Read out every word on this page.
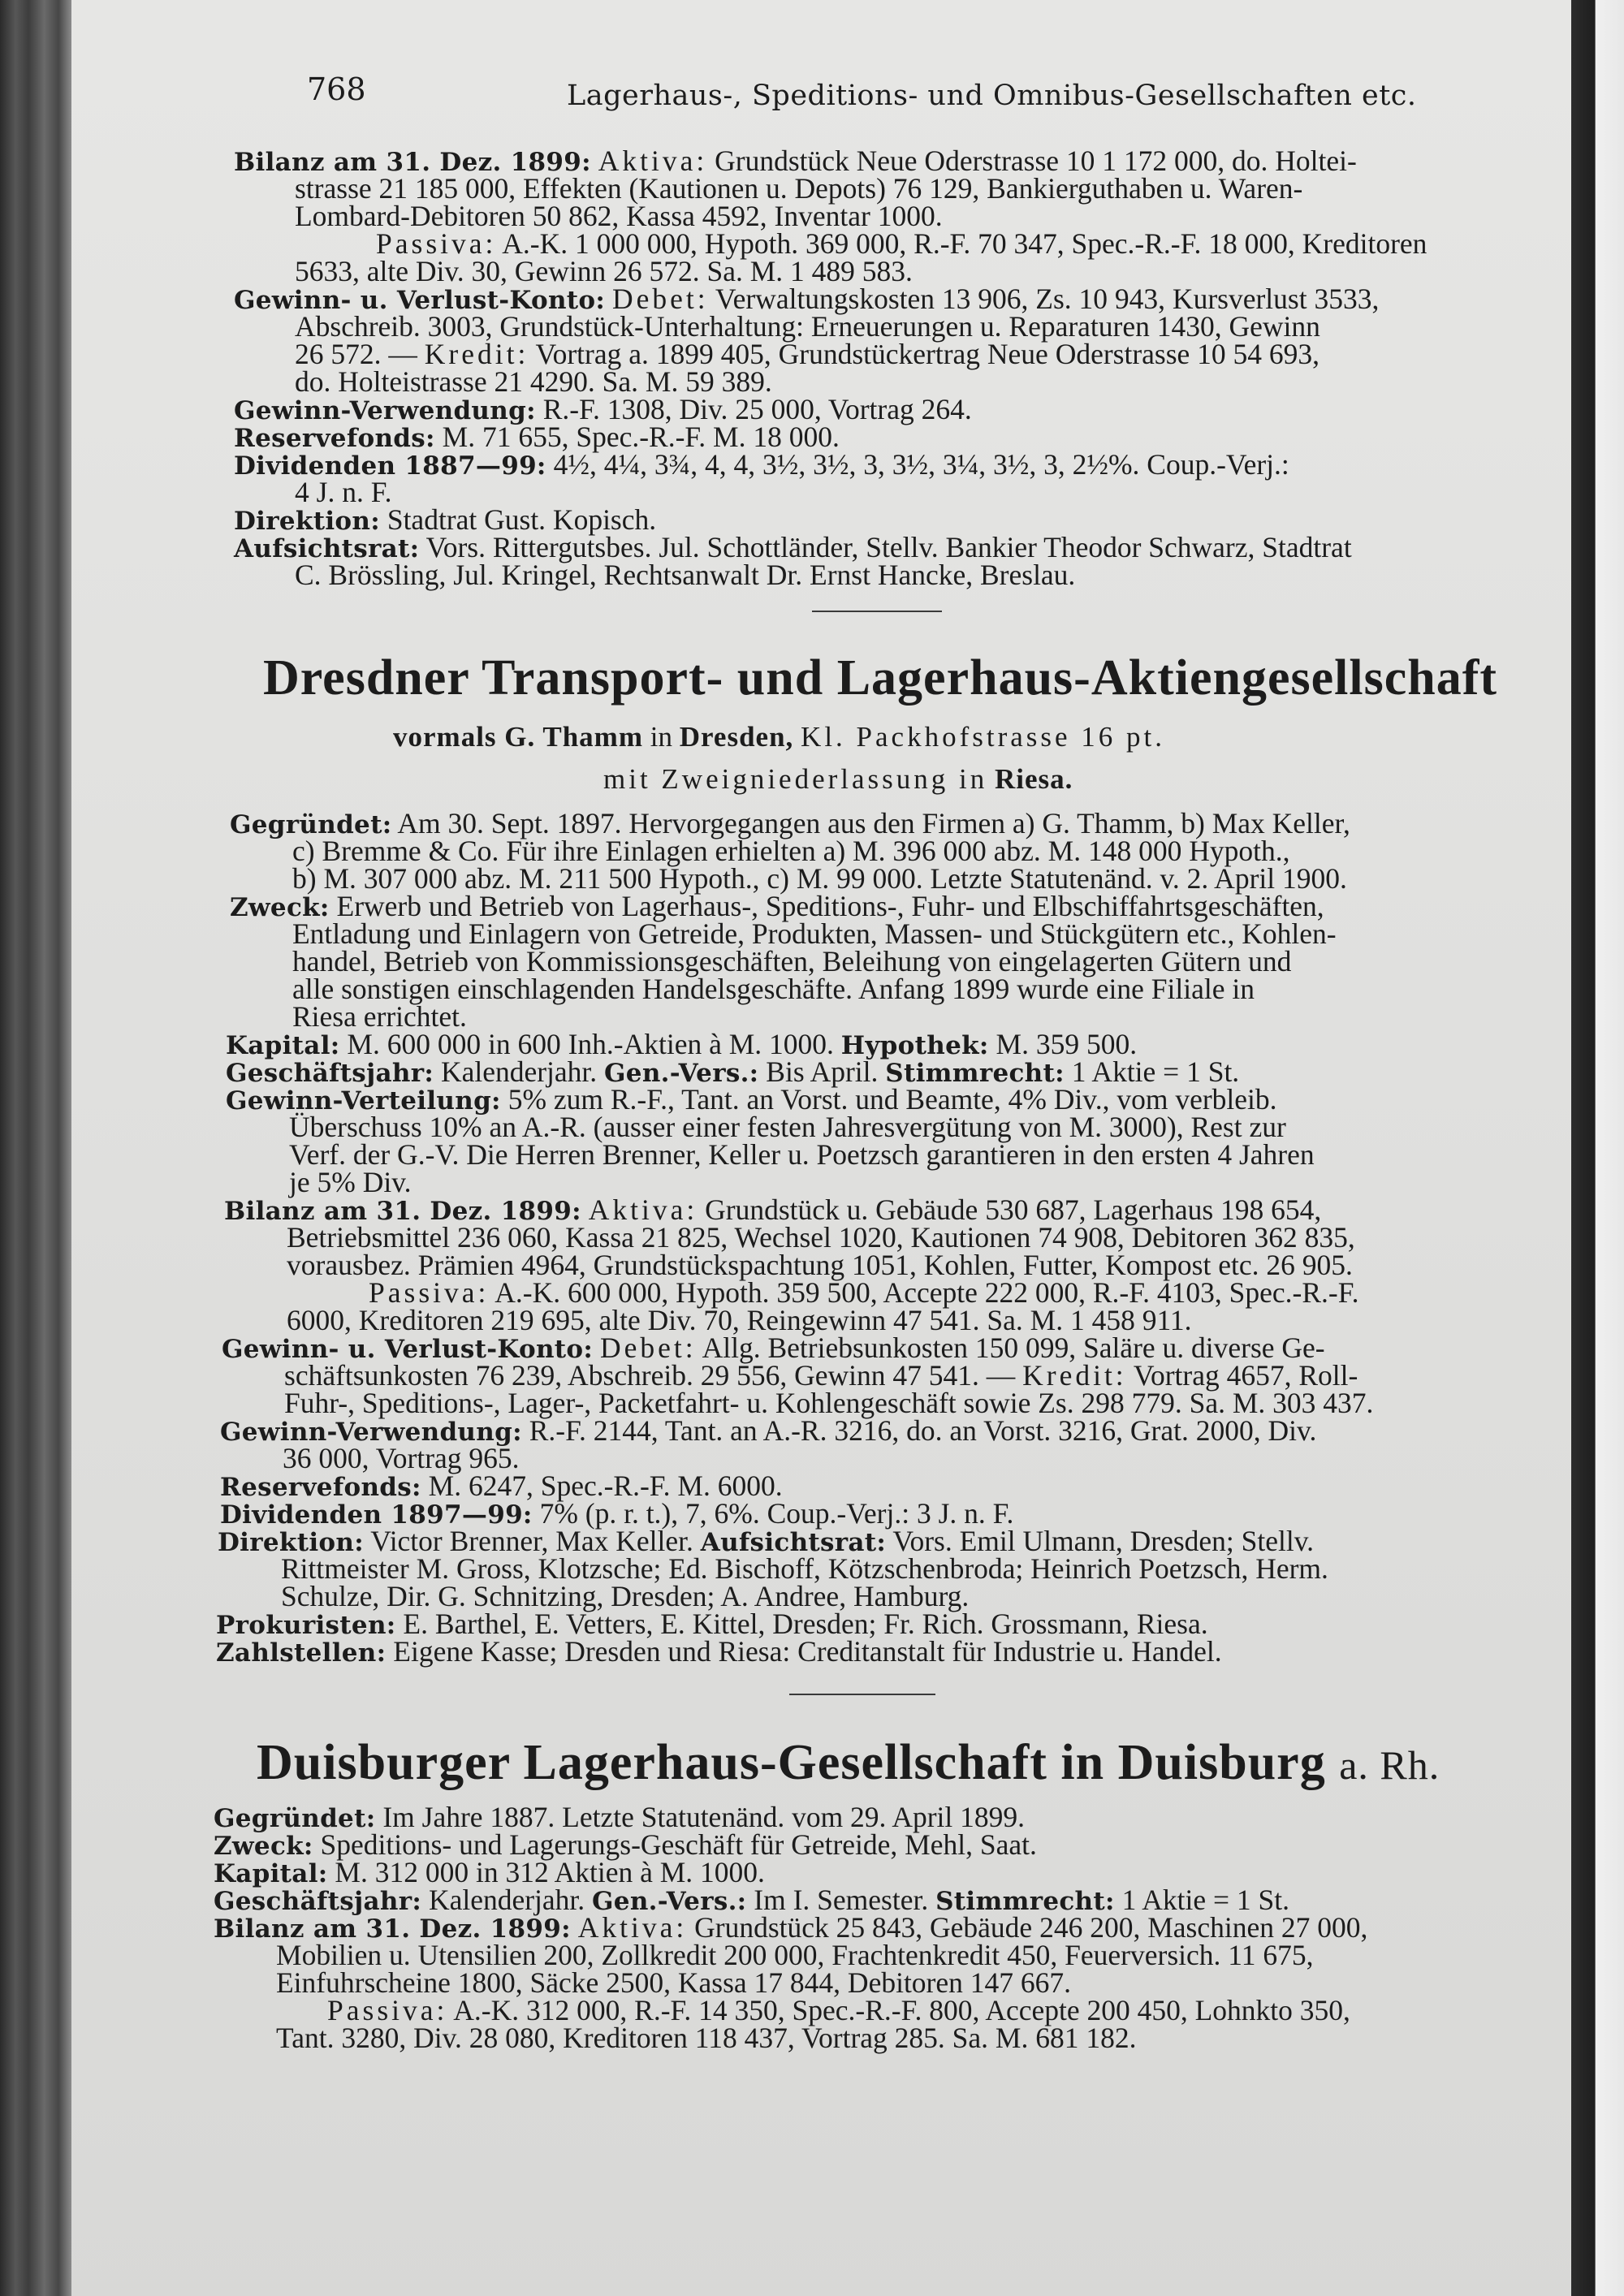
768	Lagerhaus-, Speditions- und Omnibus-Gesellschaften etc.
Bilanz am 31. Dez. 1899: Aktiva: Grundstück Neue Oderstrasse 10 1 172 000, do. Holtei-
strasse 21 185 000, Effekten (Kautionen u. Depots) 76 129, Bankierguthaben u. Waren-
Lombard-Debitoren 50 862, Kassa 4592, Inventar 1000.
Passiva: A.-K. 1 000 000, Hypoth. 369 000, R.-F. 70 347, Spec.-R.-F. 18 000, Kreditoren
5633, alte Div. 30, Gewinn 26 572. Sa. M. 1 489 583.
Gewinn- u. Verlust-Konto: Debet: Verwaltungskosten 13 906, Zs. 10 943, Kursverlust 3533,
Abschreib. 3003, Grundstück-Unterhaltung: Erneuerungen u. Reparaturen 1430, Gewinn
26 572. — Kredit: Vortrag a. 1899 405, Grundstückertrag Neue Oderstrasse 10 54 693,
do. Holteistrasse 21 4290. Sa. M. 59 389.
Gewinn-Verwendung: R.-F. 1308, Div. 25 000, Vortrag 264.
Reservefonds: M. 71 655, Spec.-R.-F. M. 18 000.
Dividenden 1887—99: 4½, 4¼, 3¾, 4, 4, 3½, 3½, 3, 3½, 3¼, 3½, 3, 2½%. Coup.-Verj.:
4 J. n. F.
Direktion: Stadtrat Gust. Kopisch.
Aufsichtsrat: Vors. Rittergutsbes. Jul. Schottländer, Stellv. Bankier Theodor Schwarz, Stadtrat
C. Brössling, Jul. Kringel, Rechtsanwalt Dr. Ernst Hancke, Breslau.
Dresdner Transport- und Lagerhaus-Aktiengesellschaft
vormals G. Thamm in Dresden, Kl. Packhofstrasse 16 pt.
mit Zweigniederlassung in Riesa.
Gegründet: Am 30. Sept. 1897. Hervorgegangen aus den Firmen a) G. Thamm, b) Max Keller,
c) Bremme & Co. Für ihre Einlagen erhielten a) M. 396 000 abz. M. 148 000 Hypoth.,
b) M. 307 000 abz. M. 211 500 Hypoth., c) M. 99 000. Letzte Statutenänd. v. 2. April 1900.
Zweck: Erwerb und Betrieb von Lagerhaus-, Speditions-, Fuhr- und Elbschiffahrtsgeschäften,
Entladung und Einlagern von Getreide, Produkten, Massen- und Stückgütern etc., Kohlen-
handel, Betrieb von Kommissionsgeschäften, Beleihung von eingelagerten Gütern und
alle sonstigen einschlagenden Handelsgeschäfte. Anfang 1899 wurde eine Filiale in
Riesa errichtet.
Kapital: M. 600 000 in 600 Inh.-Aktien à M. 1000. Hypothek: M. 359 500.
Geschäftsjahr: Kalenderjahr. Gen.-Vers.: Bis April. Stimmrecht: 1 Aktie = 1 St.
Gewinn-Verteilung: 5% zum R.-F., Tant. an Vorst. und Beamte, 4% Div., vom verbleib.
Überschuss 10% an A.-R. (ausser einer festen Jahresvergütung von M. 3000), Rest zur
Verf. der G.-V. Die Herren Brenner, Keller u. Poetzsch garantieren in den ersten 4 Jahren
je 5% Div.
Bilanz am 31. Dez. 1899: Aktiva: Grundstück u. Gebäude 530 687, Lagerhaus 198 654,
Betriebsmittel 236 060, Kassa 21 825, Wechsel 1020, Kautionen 74 908, Debitoren 362 835,
vorausbez. Prämien 4964, Grundstückspachtung 1051, Kohlen, Futter, Kompost etc. 26 905.
Passiva: A.-K. 600 000, Hypoth. 359 500, Accepte 222 000, R.-F. 4103, Spec.-R.-F.
6000, Kreditoren 219 695, alte Div. 70, Reingewinn 47 541. Sa. M. 1 458 911.
Gewinn- u. Verlust-Konto: Debet: Allg. Betriebsunkosten 150 099, Saläre u. diverse Ge-
schäftsunkosten 76 239, Abschreib. 29 556, Gewinn 47 541. — Kredit: Vortrag 4657, Roll-
Fuhr-, Speditions-, Lager-, Packetfahrt- u. Kohlengeschäft sowie Zs. 298 779. Sa. M. 303 437.
Gewinn-Verwendung: R.-F. 2144, Tant. an A.-R. 3216, do. an Vorst. 3216, Grat. 2000, Div.
36 000, Vortrag 965.
Reservefonds: M. 6247, Spec.-R.-F. M. 6000.
Dividenden 1897—99: 7% (p. r. t.), 7, 6%. Coup.-Verj.: 3 J. n. F.
Direktion: Victor Brenner, Max Keller. Aufsichtsrat: Vors. Emil Ulmann, Dresden; Stellv.
Rittmeister M. Gross, Klotzsche; Ed. Bischoff, Kötzschenbroda; Heinrich Poetzsch, Herm.
Schulze, Dir. G. Schnitzing, Dresden; A. Andree, Hamburg.
Prokuristen: E. Barthel, E. Vetters, E. Kittel, Dresden; Fr. Rich. Grossmann, Riesa.
Zahlstellen: Eigene Kasse; Dresden und Riesa: Creditanstalt für Industrie u. Handel.
Duisburger Lagerhaus-Gesellschaft in Duisburg a. Rh.
Gegründet: Im Jahre 1887. Letzte Statutenänd. vom 29. April 1899.
Zweck: Speditions- und Lagerungs-Geschäft für Getreide, Mehl, Saat.
Kapital: M. 312 000 in 312 Aktien à M. 1000.
Geschäftsjahr: Kalenderjahr. Gen.-Vers.: Im I. Semester. Stimmrecht: 1 Aktie = 1 St.
Bilanz am 31. Dez. 1899: Aktiva: Grundstück 25 843, Gebäude 246 200, Maschinen 27 000,
Mobilien u. Utensilien 200, Zollkredit 200 000, Frachtenkredit 450, Feuerversich. 11 675,
Einfuhrscheine 1800, Säcke 2500, Kassa 17 844, Debitoren 147 667.
Passiva: A.-K. 312 000, R.-F. 14 350, Spec.-R.-F. 800, Accepte 200 450, Lohnkto 350,
Tant. 3280, Div. 28 080, Kreditoren 118 437, Vortrag 285. Sa. M. 681 182.
